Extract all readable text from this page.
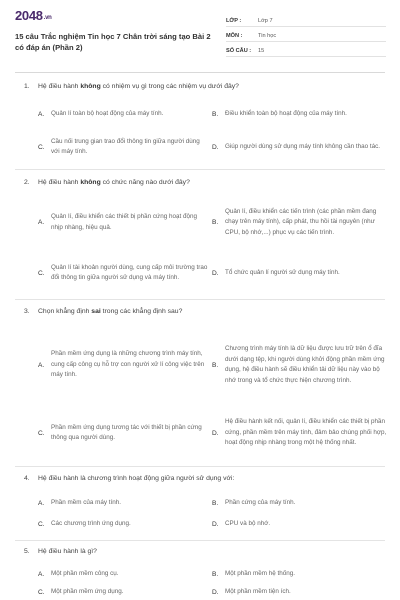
2048.vn
15 câu Trắc nghiệm Tin học 7 Chân trời sáng tạo Bài 2 có đáp án (Phần 2)
LỚP :	Lớp 7
MÔN :	Tin học
SỐ CÂU :	15
1. Hệ điều hành không có nhiệm vụ gì trong các nhiệm vụ dưới đây?
A.	Quản lí toàn bộ hoạt động của máy tính.	B.	Điều khiển toàn bộ hoạt động của máy tính.
C.
Cầu nối trung gian trao đổi thông tin giữa người dùng với máy tính.
D.	Giúp người dùng sử dụng máy tính không cần thao tác.
2. Hệ điều hành không có chức năng nào dưới đây?
A.
Quản lí, điều khiển các thiết bị phần cứng hoạt động nhịp nhàng, hiệu quả.
B.
Quản lí, điều khiển các tiến trình (các phần mềm đang chạy trên máy tính), cấp phát, thu hồi tài nguyên (như CPU, bộ nhớ,...) phục vụ các tiến trình.
C.
Quản lí tài khoản người dùng, cung cấp môi trường trao đổi thông tin giữa người sử dụng và máy tính.
D.	Tổ chức quản lí người sử dụng máy tính.
3. Chọn khẳng định sai trong các khẳng định sau?
A.
Phần mềm ứng dụng là những chương trình máy tính, cung cấp công cụ hỗ trợ con người xử lí công việc trên máy tính.
B.
Chương trình máy tính là dữ liệu được lưu trữ trên ổ đĩa dưới dạng tệp, khi người dùng khởi động phần mềm ứng dụng, hệ điều hành sẽ điều khiển tải dữ liệu này vào bộ nhớ trong và tổ chức thực hiện chương trình.
C.
Phần mềm ứng dụng tương tác với thiết bị phần cứng thông qua người dùng.
D.
Hệ điều hành kết nối, quản lí, điều khiển các thiết bị phần cứng, phần mềm trên máy tính, đảm bảo chúng phối hợp, hoạt động nhịp nhàng trong một hệ thống nhất.
4. Hệ điều hành là chương trình hoạt động giữa người sử dụng với:
A.	Phần mềm của máy tính.	B.	Phần cứng của máy tính.
C.	Các chương trình ứng dụng.	D.	CPU và bộ nhớ.
5. Hệ điều hành là gì?
A.	Một phần mềm công cụ.	B.	Một phần mềm hệ thống.
C.	Một phần mềm ứng dụng.	D.	Một phần mềm tiện ích.
